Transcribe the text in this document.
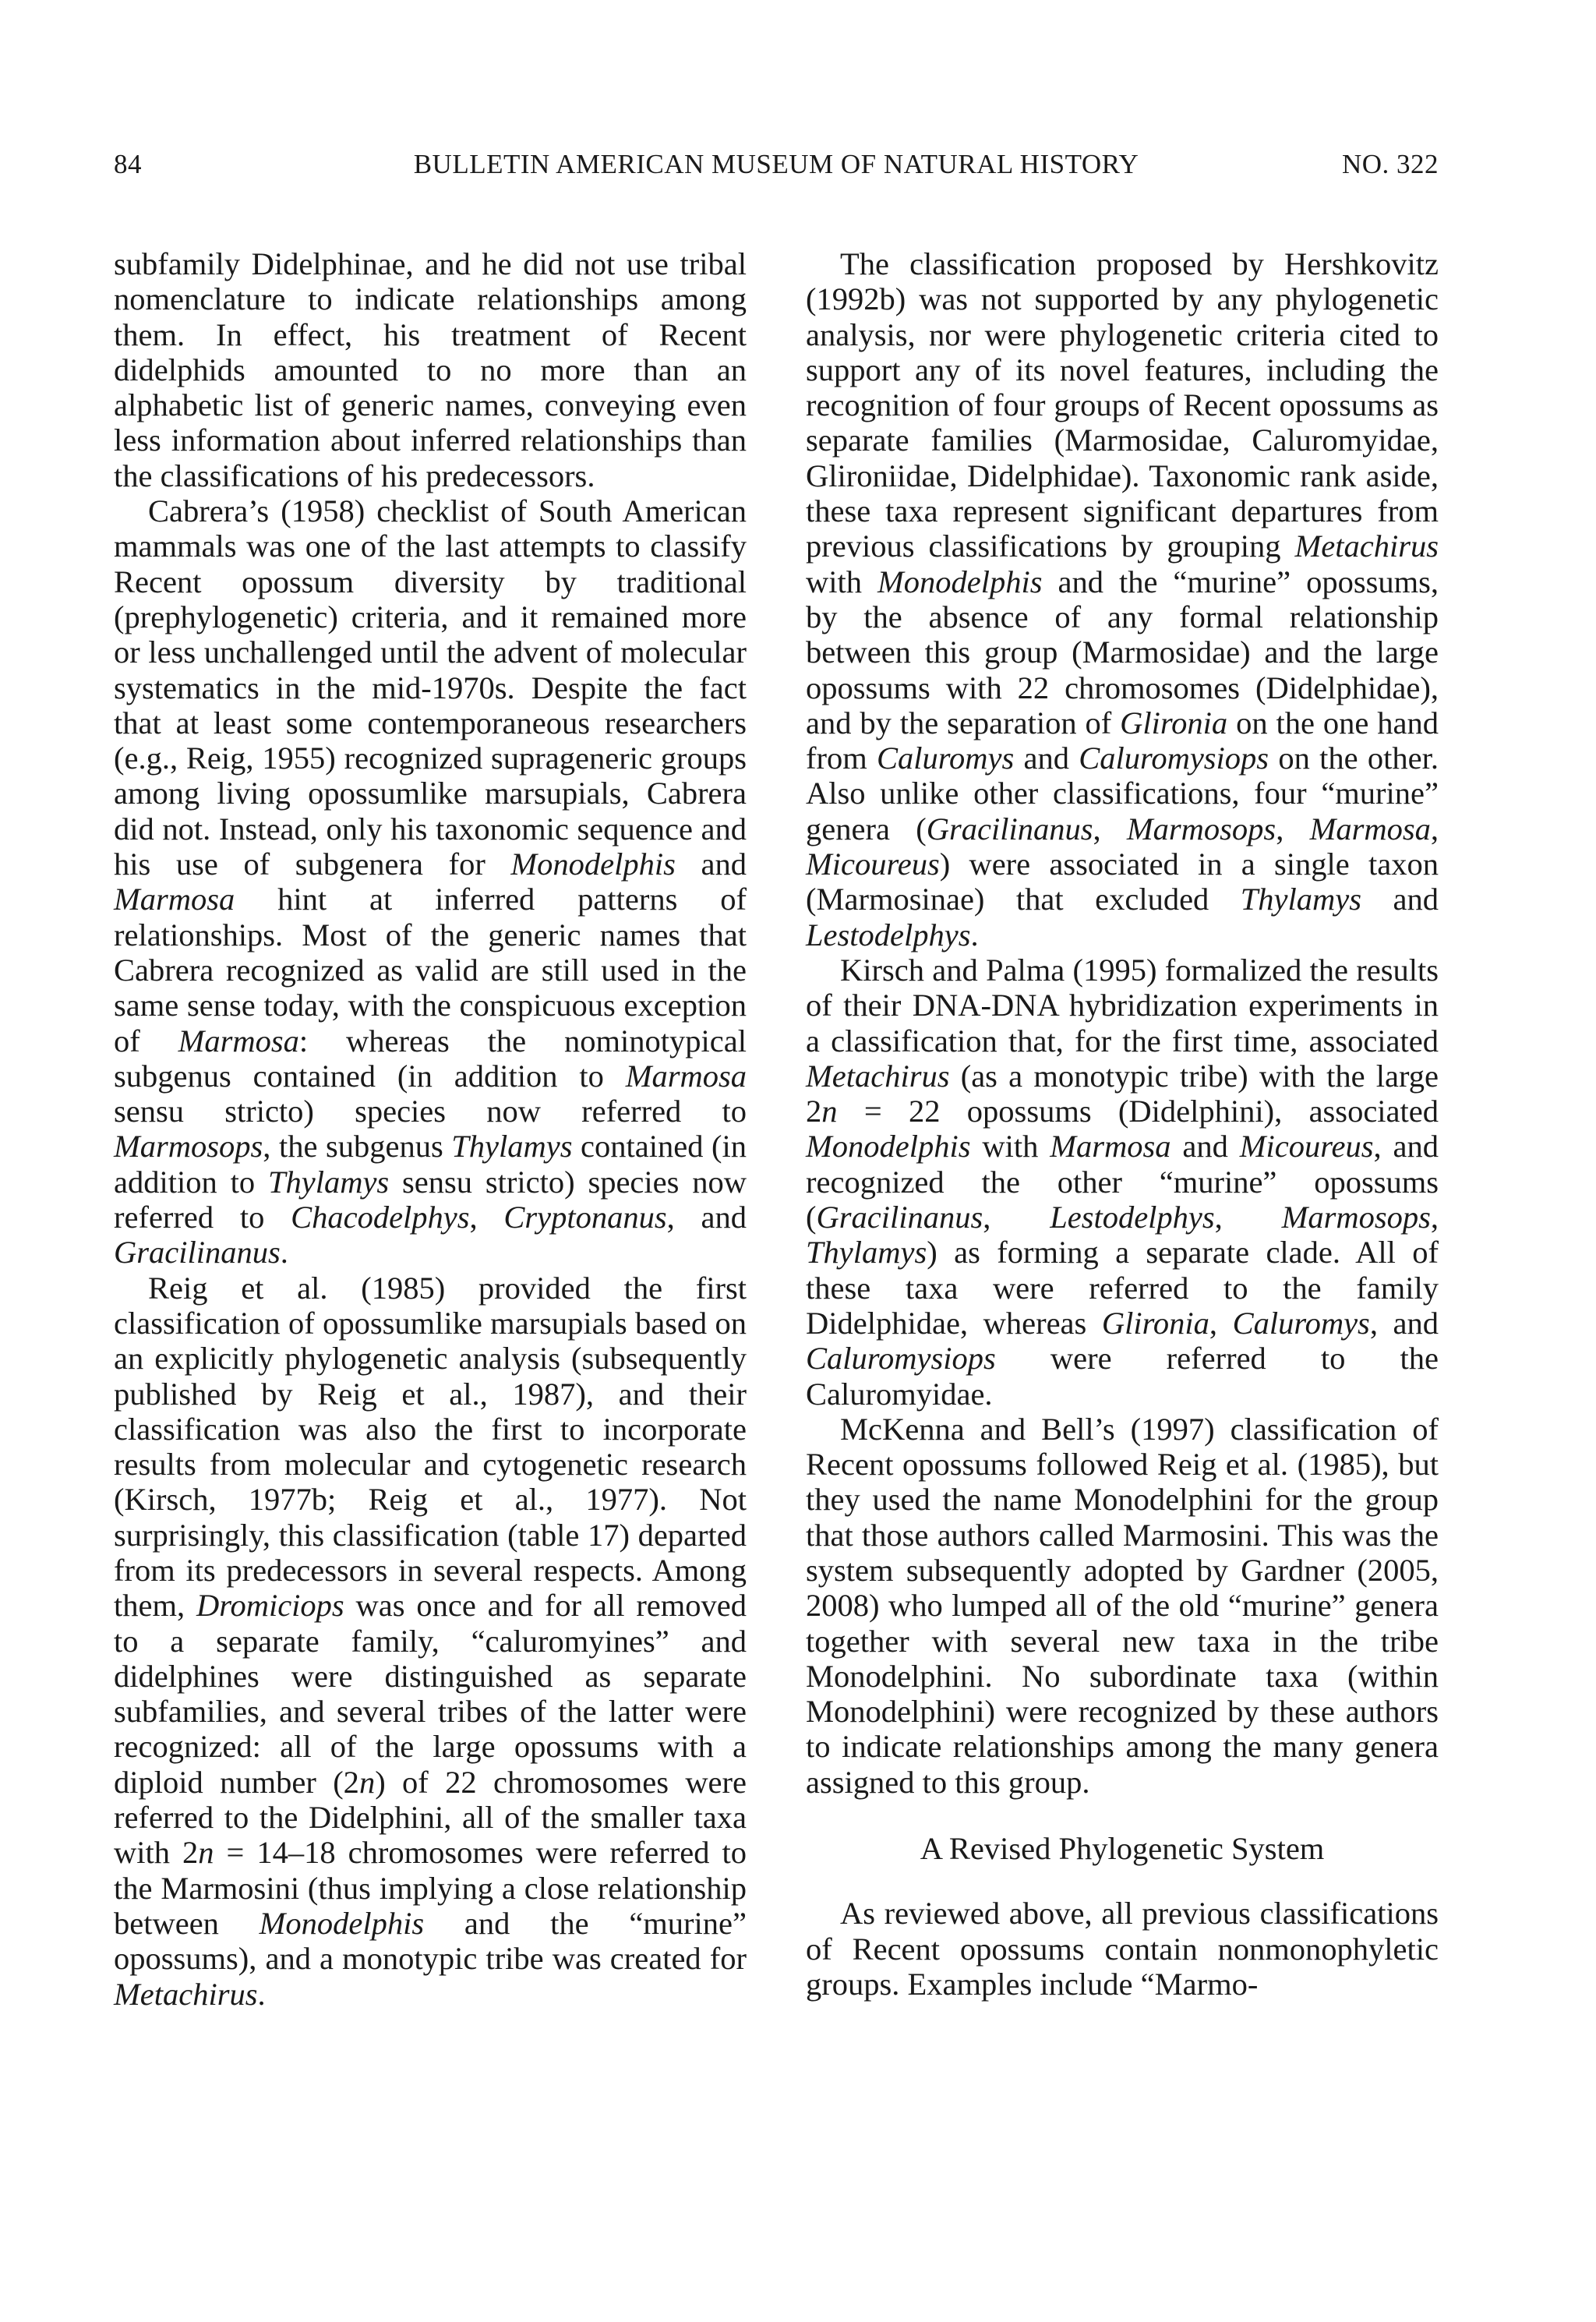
84	BULLETIN AMERICAN MUSEUM OF NATURAL HISTORY	NO. 322

subfamily Didelphinae, and he did not use tribal nomenclature to indicate relationships among them. In effect, his treatment of Recent didelphids amounted to no more than an alphabetic list of generic names, conveying even less information about inferred relationships than the classifications of his predecessors.

Cabrera’s (1958) checklist of South American mammals was one of the last attempts to classify Recent opossum diversity by traditional (prephylogenetic) criteria, and it remained more or less unchallenged until the advent of molecular systematics in the mid-1970s. Despite the fact that at least some contemporaneous researchers (e.g., Reig, 1955) recognized suprageneric groups among living opossumlike marsupials, Cabrera did not. Instead, only his taxonomic sequence and his use of subgenera for Monodelphis and Marmosa hint at inferred patterns of relationships. Most of the generic names that Cabrera recognized as valid are still used in the same sense today, with the conspicuous exception of Marmosa: whereas the nominotypical subgenus contained (in addition to Marmosa sensu stricto) species now referred to Marmosops, the subgenus Thylamys contained (in addition to Thylamys sensu stricto) species now referred to Chacodelphys, Cryptonanus, and Gracilinanus.

Reig et al. (1985) provided the first classification of opossumlike marsupials based on an explicitly phylogenetic analysis (subsequently published by Reig et al., 1987), and their classification was also the first to incorporate results from molecular and cytogenetic research (Kirsch, 1977b; Reig et al., 1977). Not surprisingly, this classification (table 17) departed from its predecessors in several respects. Among them, Dromiciops was once and for all removed to a separate family, “caluromyines” and didelphines were distinguished as separate subfamilies, and several tribes of the latter were recognized: all of the large opossums with a diploid number (2n) of 22 chromosomes were referred to the Didelphini, all of the smaller taxa with 2n = 14–18 chromosomes were referred to the Marmosini (thus implying a close relationship between Monodelphis and the “murine” opossums), and a monotypic tribe was created for Metachirus.

The classification proposed by Hershkovitz (1992b) was not supported by any phylogenetic analysis, nor were phylogenetic criteria cited to support any of its novel features, including the recognition of four groups of Recent opossums as separate families (Marmosidae, Caluromyidae, Glironiidae, Didelphidae). Taxonomic rank aside, these taxa represent significant departures from previous classifications by grouping Metachirus with Monodelphis and the “murine” opossums, by the absence of any formal relationship between this group (Marmosidae) and the large opossums with 22 chromosomes (Didelphidae), and by the separation of Glironia on the one hand from Caluromys and Caluromysiops on the other. Also unlike other classifications, four “murine” genera (Gracilinanus, Marmosops, Marmosa, Micoureus) were associated in a single taxon (Marmosinae) that excluded Thylamys and Lestodelphys.

Kirsch and Palma (1995) formalized the results of their DNA-DNA hybridization experiments in a classification that, for the first time, associated Metachirus (as a monotypic tribe) with the large 2n = 22 opossums (Didelphini), associated Monodelphis with Marmosa and Micoureus, and recognized the other “murine” opossums (Gracilinanus, Lestodelphys, Marmosops, Thylamys) as forming a separate clade. All of these taxa were referred to the family Didelphidae, whereas Glironia, Caluromys, and Caluromysiops were referred to the Caluromyidae.

McKenna and Bell’s (1997) classification of Recent opossums followed Reig et al. (1985), but they used the name Monodelphini for the group that those authors called Marmosini. This was the system subsequently adopted by Gardner (2005, 2008) who lumped all of the old “murine” genera together with several new taxa in the tribe Monodelphini. No subordinate taxa (within Monodelphini) were recognized by these authors to indicate relationships among the many genera assigned to this group.

A Revised Phylogenetic System

As reviewed above, all previous classifications of Recent opossums contain nonmonophyletic groups. Examples include “Marmo-
